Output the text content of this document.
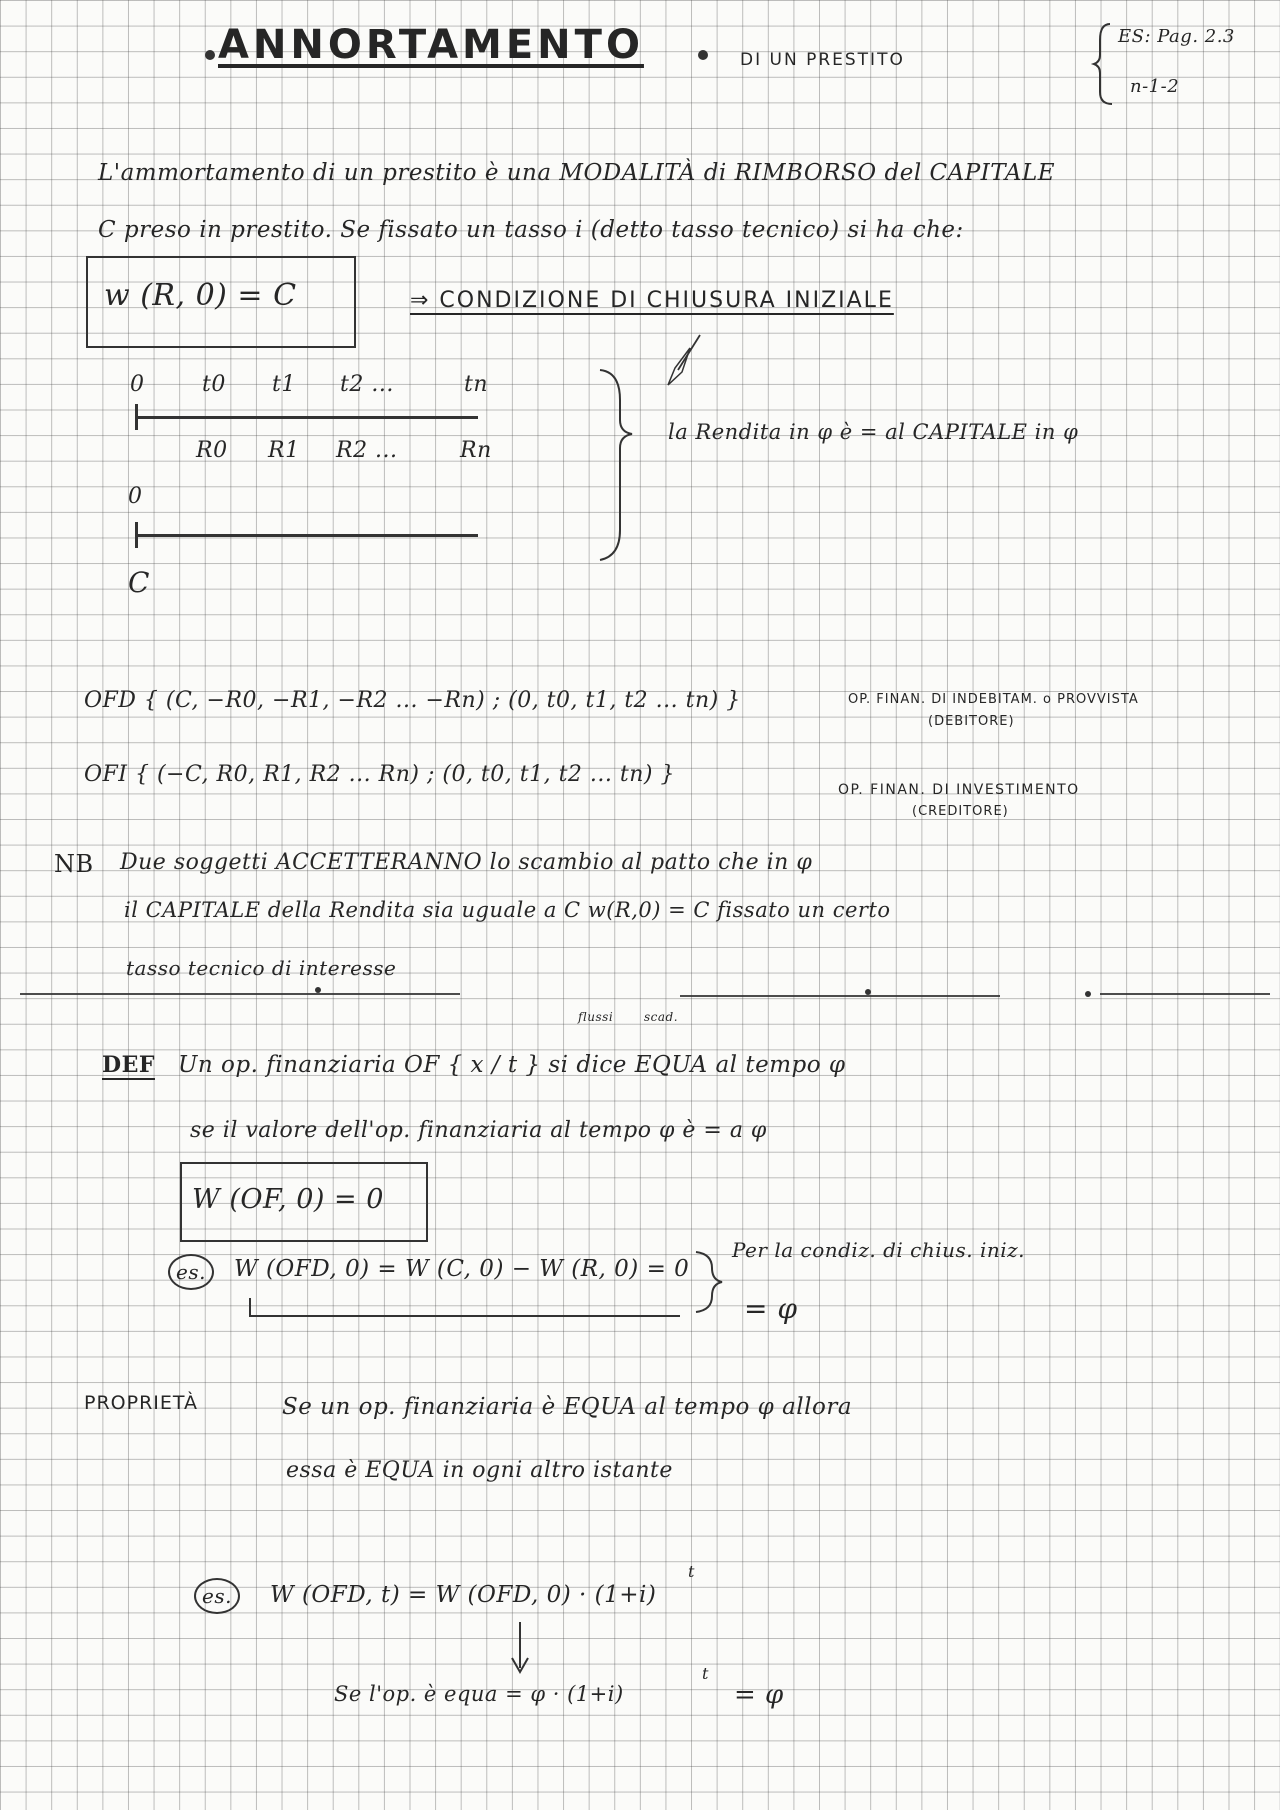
ANNORTAMENTO	DI UN PRESTITO
ES: Pag. 2.3
n-1-2
L'ammortamento di un prestito è una MODALITÀ di RIMBORSO del CAPITALE
C preso in prestito. Se fissato un tasso i (detto tasso tecnico) si ha che:
w (R, 0) = C	⇒ CONDIZIONE DI CHIUSURA INIZIALE
0	t0 t1 t2 ...	tn
R0 R1 R2 ...	Rn
0
C
la Rendita in φ è = al CAPITALE in φ
OFD { (C, −R0, −R1, −R2 ... −Rn) ; (0, t0, t1, t2 ... tn) }	OP. FINAN. DI INDEBITAM. o PROVVISTA
(DEBITORE)
OFI { (−C, R0, R1, R2 ... Rn) ; (0, t0, t1, t2 ... tn) }
OP. FINAN. DI INVESTIMENTO
(CREDITORE)
NB Due soggetti ACCETTERANNO lo scambio al patto che in φ
il CAPITALE della Rendita sia uguale a C w(R,0) = C fissato un certo
tasso tecnico di interesse
DEF
flussi	scad.
Un op. finanziaria OF { x / t } si dice EQUA al tempo φ
se il valore dell'op. finanziaria al tempo φ è = a φ
W (OF, 0) = 0
es.	W (OFD, 0) = W (C, 0) − W (R, 0) = 0
Per la condiz. di chius. iniz.
= φ
PROPRIETÀ	Se un op. finanziaria è EQUA al tempo φ allora
essa è EQUA in ogni altro istante
es.	W (OFD, t) = W (OFD, 0) · (1+i)
t
Se l'op. è equa = φ · (1+i)
t
= φ
